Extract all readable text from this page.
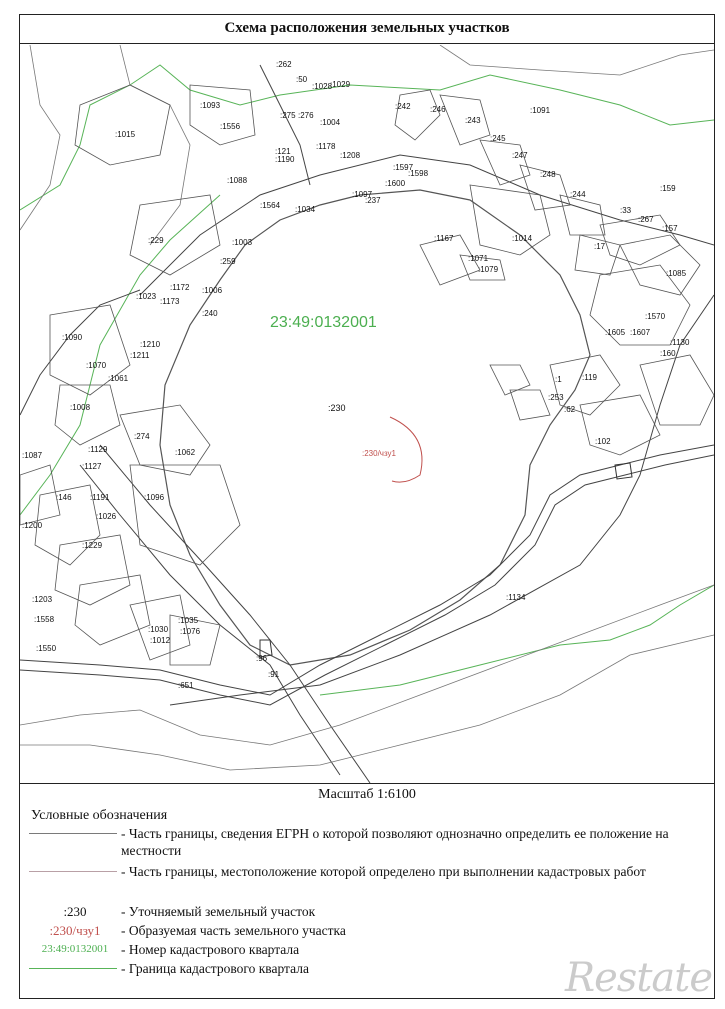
Схема расположения земельных участков
23:49:0132001
:230
:230/чзу1
:262
:50
:1029
:1028
:1093
:1556
:242 :246	:1091
:275 :276
:1004	:243
:245
:1015
:121
:1190
:1178
:1208	:247
:1597
:1598	:248
:1600
:1088
:1097
:237
:244
:159
:1564 :1034	:33
:267
:157
:229	:1003	:1167	:1014
:17
:259	:1071
:1079	:1085
:1172
:1023
:1006
:1173
:240	:1570
:1090
:1210
:1211
:1605 :1607
:1130
:160
:1070
:1061
:1008
:119
:1
:253
:62
:274
:1129	:1062
:1127
:102
:1087
:146 :1191	:1096
:1026
:1200
:1229
:1203	:1134
:1558
:1012
:1550
:96
:91
:1030
:1035
:1076
:651
Масштаб 1:6100
Условные обозначения
- Часть границы, сведения ЕГРН о которой позволяют однозначно определить ее положение на местности
- Часть границы, местоположение которой определено при выполнении кадастровых работ
:230	- Уточняемый земельный участок
:230/чзу1	- Образуемая часть земельного участка
23:49:0132001 - Номер кадастрового квартала
- Граница кадастрового квартала	Restate
